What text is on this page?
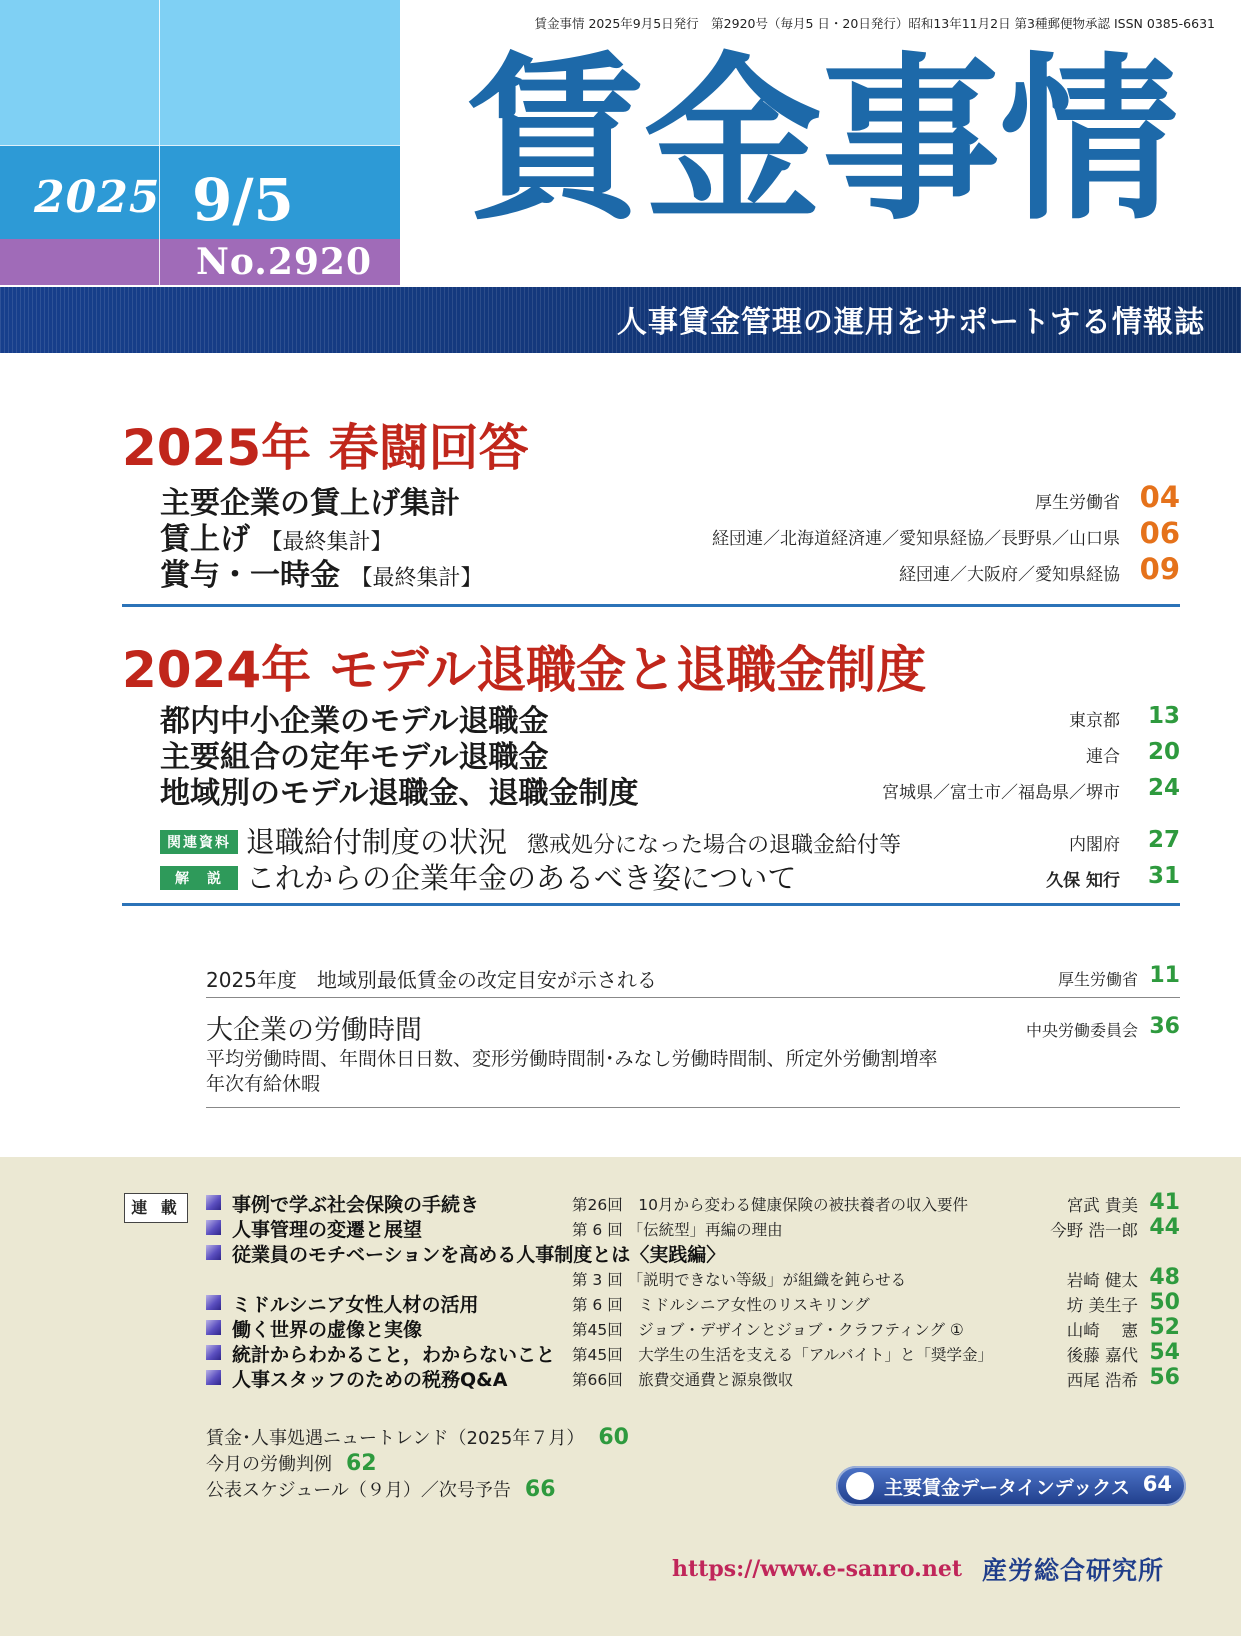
2025 9/5
No.2920
賃金事情 2025年9月5日発行　第2920号（毎月5 日・20日発行）昭和13年11月2日 第3種郵便物承認 ISSN 0385-6631
賃金事情
人事賃金管理の運用をサポートする情報誌
2025年 春闘回答
主要企業の賃上げ集計	厚生労働省 04
賃上げ 【最終集計】	経団連／北海道経済連／愛知県経協／長野県／山口県 06
賞与・一時金 【最終集計】	経団連／大阪府／愛知県経協 09
2024年 モデル退職金と退職金制度
都内中小企業のモデル退職金	東京都	13
主要組合の定年モデル退職金	連合	20
地域別のモデル退職金、退職金制度	宮城県／富士市／福島県／堺市	24
関連資料 退職給付制度の状況 懲戒処分になった場合の退職金給付等	内閣府	27
解　説 これからの企業年金のあるべき姿について	久保 知行	31
2025年度　地域別最低賃金の改定目安が示される	厚生労働省 11
大企業の労働時間	中央労働委員会 36
平均労働時間、年間休日日数、変形労働時間制･みなし労働時間制、所定外労働割増率
年次有給休暇
連 載	事例で学ぶ社会保険の手続き	第26回　10月から変わる健康保険の被扶養者の収入要件	宮武 貴美 41
人事管理の変遷と展望	第 6 回 「伝統型」再編の理由	今野 浩一郎 44
従業員のモチベーションを高める人事制度とは〈実践編〉
第 3 回 「説明できない等級」が組織を鈍らせる	岩崎 健太 48
ミドルシニア女性人材の活用	第 6 回　ミドルシニア女性のリスキリング	坊 美生子 50
働く世界の虚像と実像	第45回　ジョブ・デザインとジョブ・クラフティング ①	山崎　 憲 52
統計からわかること，わからないこと 第45回　大学生の生活を支える「アルバイト」と「奨学金」	後藤 嘉代 54
人事スタッフのための税務Q&A	第66回　旅費交通費と源泉徴収	西尾 浩希 56
賃金･人事処遇ニュートレンド（2025年７月） 60
今月の労働判例 62
公表スケジュール（９月）／次号予告 66	主要賃金データインデックス 64
https://www.e-sanro.net 産労総合研究所
